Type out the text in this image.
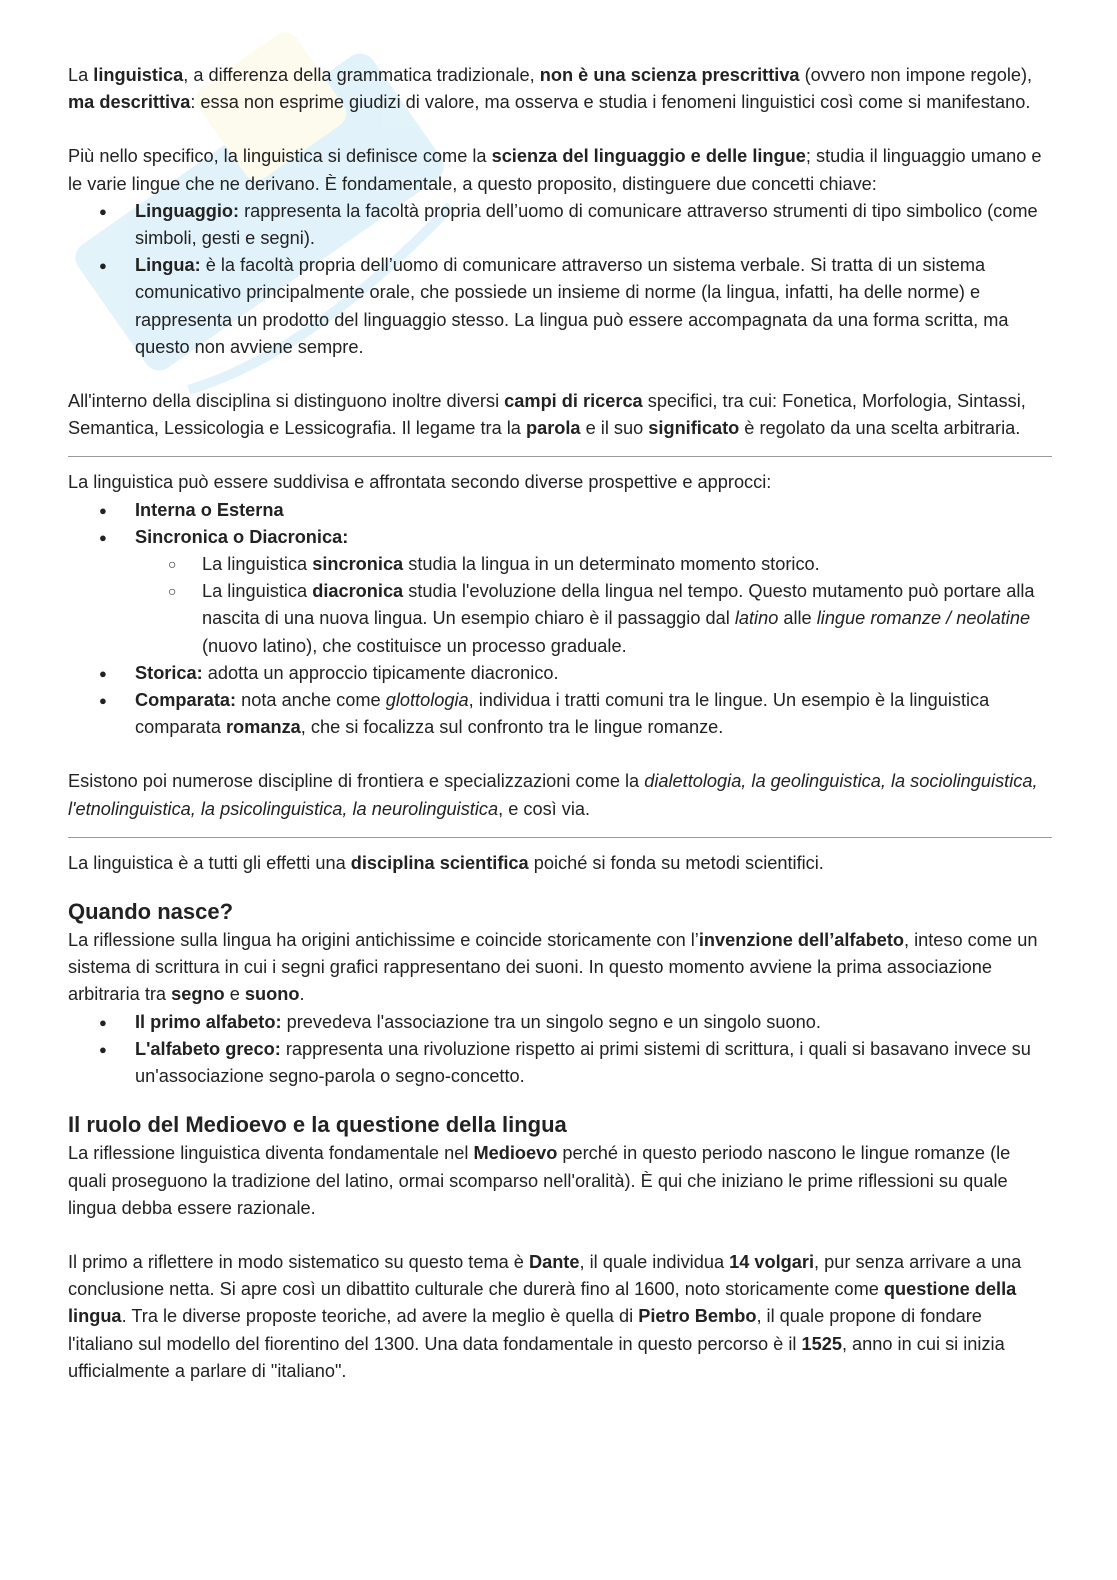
La linguistica, a differenza della grammatica tradizionale, non è una scienza prescrittiva (ovvero non impone regole), ma descrittiva: essa non esprime giudizi di valore, ma osserva e studia i fenomeni linguistici così come si manifestano.

Più nello specifico, la linguistica si definisce come la scienza del linguaggio e delle lingue; studia il linguaggio umano e le varie lingue che ne derivano. È fondamentale, a questo proposito, distinguere due concetti chiave:

● Linguaggio: rappresenta la facoltà propria dell’uomo di comunicare attraverso strumenti di tipo simbolico (come simboli, gesti e segni).
● Lingua: è la facoltà propria dell’uomo di comunicare attraverso un sistema verbale. Si tratta di un sistema comunicativo principalmente orale, che possiede un insieme di norme (la lingua, infatti, ha delle norme) e rappresenta un prodotto del linguaggio stesso. La lingua può essere accompagnata da una forma scritta, ma questo non avviene sempre.

All'interno della disciplina si distinguono inoltre diversi campi di ricerca specifici, tra cui: Fonetica, Morfologia, Sintassi, Semantica, Lessicologia e Lessicografia. Il legame tra la parola e il suo significato è regolato da una scelta arbitraria.

La linguistica può essere suddivisa e affrontata secondo diverse prospettive e approcci:

● Interna o Esterna
● Sincronica o Diacronica:
○ La linguistica sincronica studia la lingua in un determinato momento storico.
○ La linguistica diacronica studia l'evoluzione della lingua nel tempo. Questo mutamento può portare alla nascita di una nuova lingua. Un esempio chiaro è il passaggio dal latino alle lingue romanze / neolatine (nuovo latino), che costituisce un processo graduale.
● Storica: adotta un approccio tipicamente diacronico.
● Comparata: nota anche come glottologia, individua i tratti comuni tra le lingue. Un esempio è la linguistica comparata romanza, che si focalizza sul confronto tra le lingue romanze.

Esistono poi numerose discipline di frontiera e specializzazioni come la dialettologia, la geolinguistica, la sociolinguistica, l'etnolinguistica, la psicolinguistica, la neurolinguistica, e così via.

La linguistica è a tutti gli effetti una disciplina scientifica poiché si fonda su metodi scientifici.

Quando nasce?

La riflessione sulla lingua ha origini antichissime e coincide storicamente con l’invenzione dell’alfabeto, inteso come un sistema di scrittura in cui i segni grafici rappresentano dei suoni. In questo momento avviene la prima associazione arbitraria tra segno e suono.

● Il primo alfabeto: prevedeva l'associazione tra un singolo segno e un singolo suono.
● L'alfabeto greco: rappresenta una rivoluzione rispetto ai primi sistemi di scrittura, i quali si basavano invece su un'associazione segno-parola o segno-concetto.
Il ruolo del Medioevo e la questione della lingua

La riflessione linguistica diventa fondamentale nel Medioevo perché in questo periodo nascono le lingue romanze (le quali proseguono la tradizione del latino, ormai scomparso nell'oralità). È qui che iniziano le prime riflessioni su quale lingua debba essere razionale.

Il primo a riflettere in modo sistematico su questo tema è Dante, il quale individua 14 volgari, pur senza arrivare a una conclusione netta. Si apre così un dibattito culturale che durerà fino al 1600, noto storicamente come questione della lingua. Tra le diverse proposte teoriche, ad avere la meglio è quella di Pietro Bembo, il quale propone di fondare l'italiano sul modello del fiorentino del 1300. Una data fondamentale in questo percorso è il 1525, anno in cui si inizia ufficialmente a parlare di "italiano".
